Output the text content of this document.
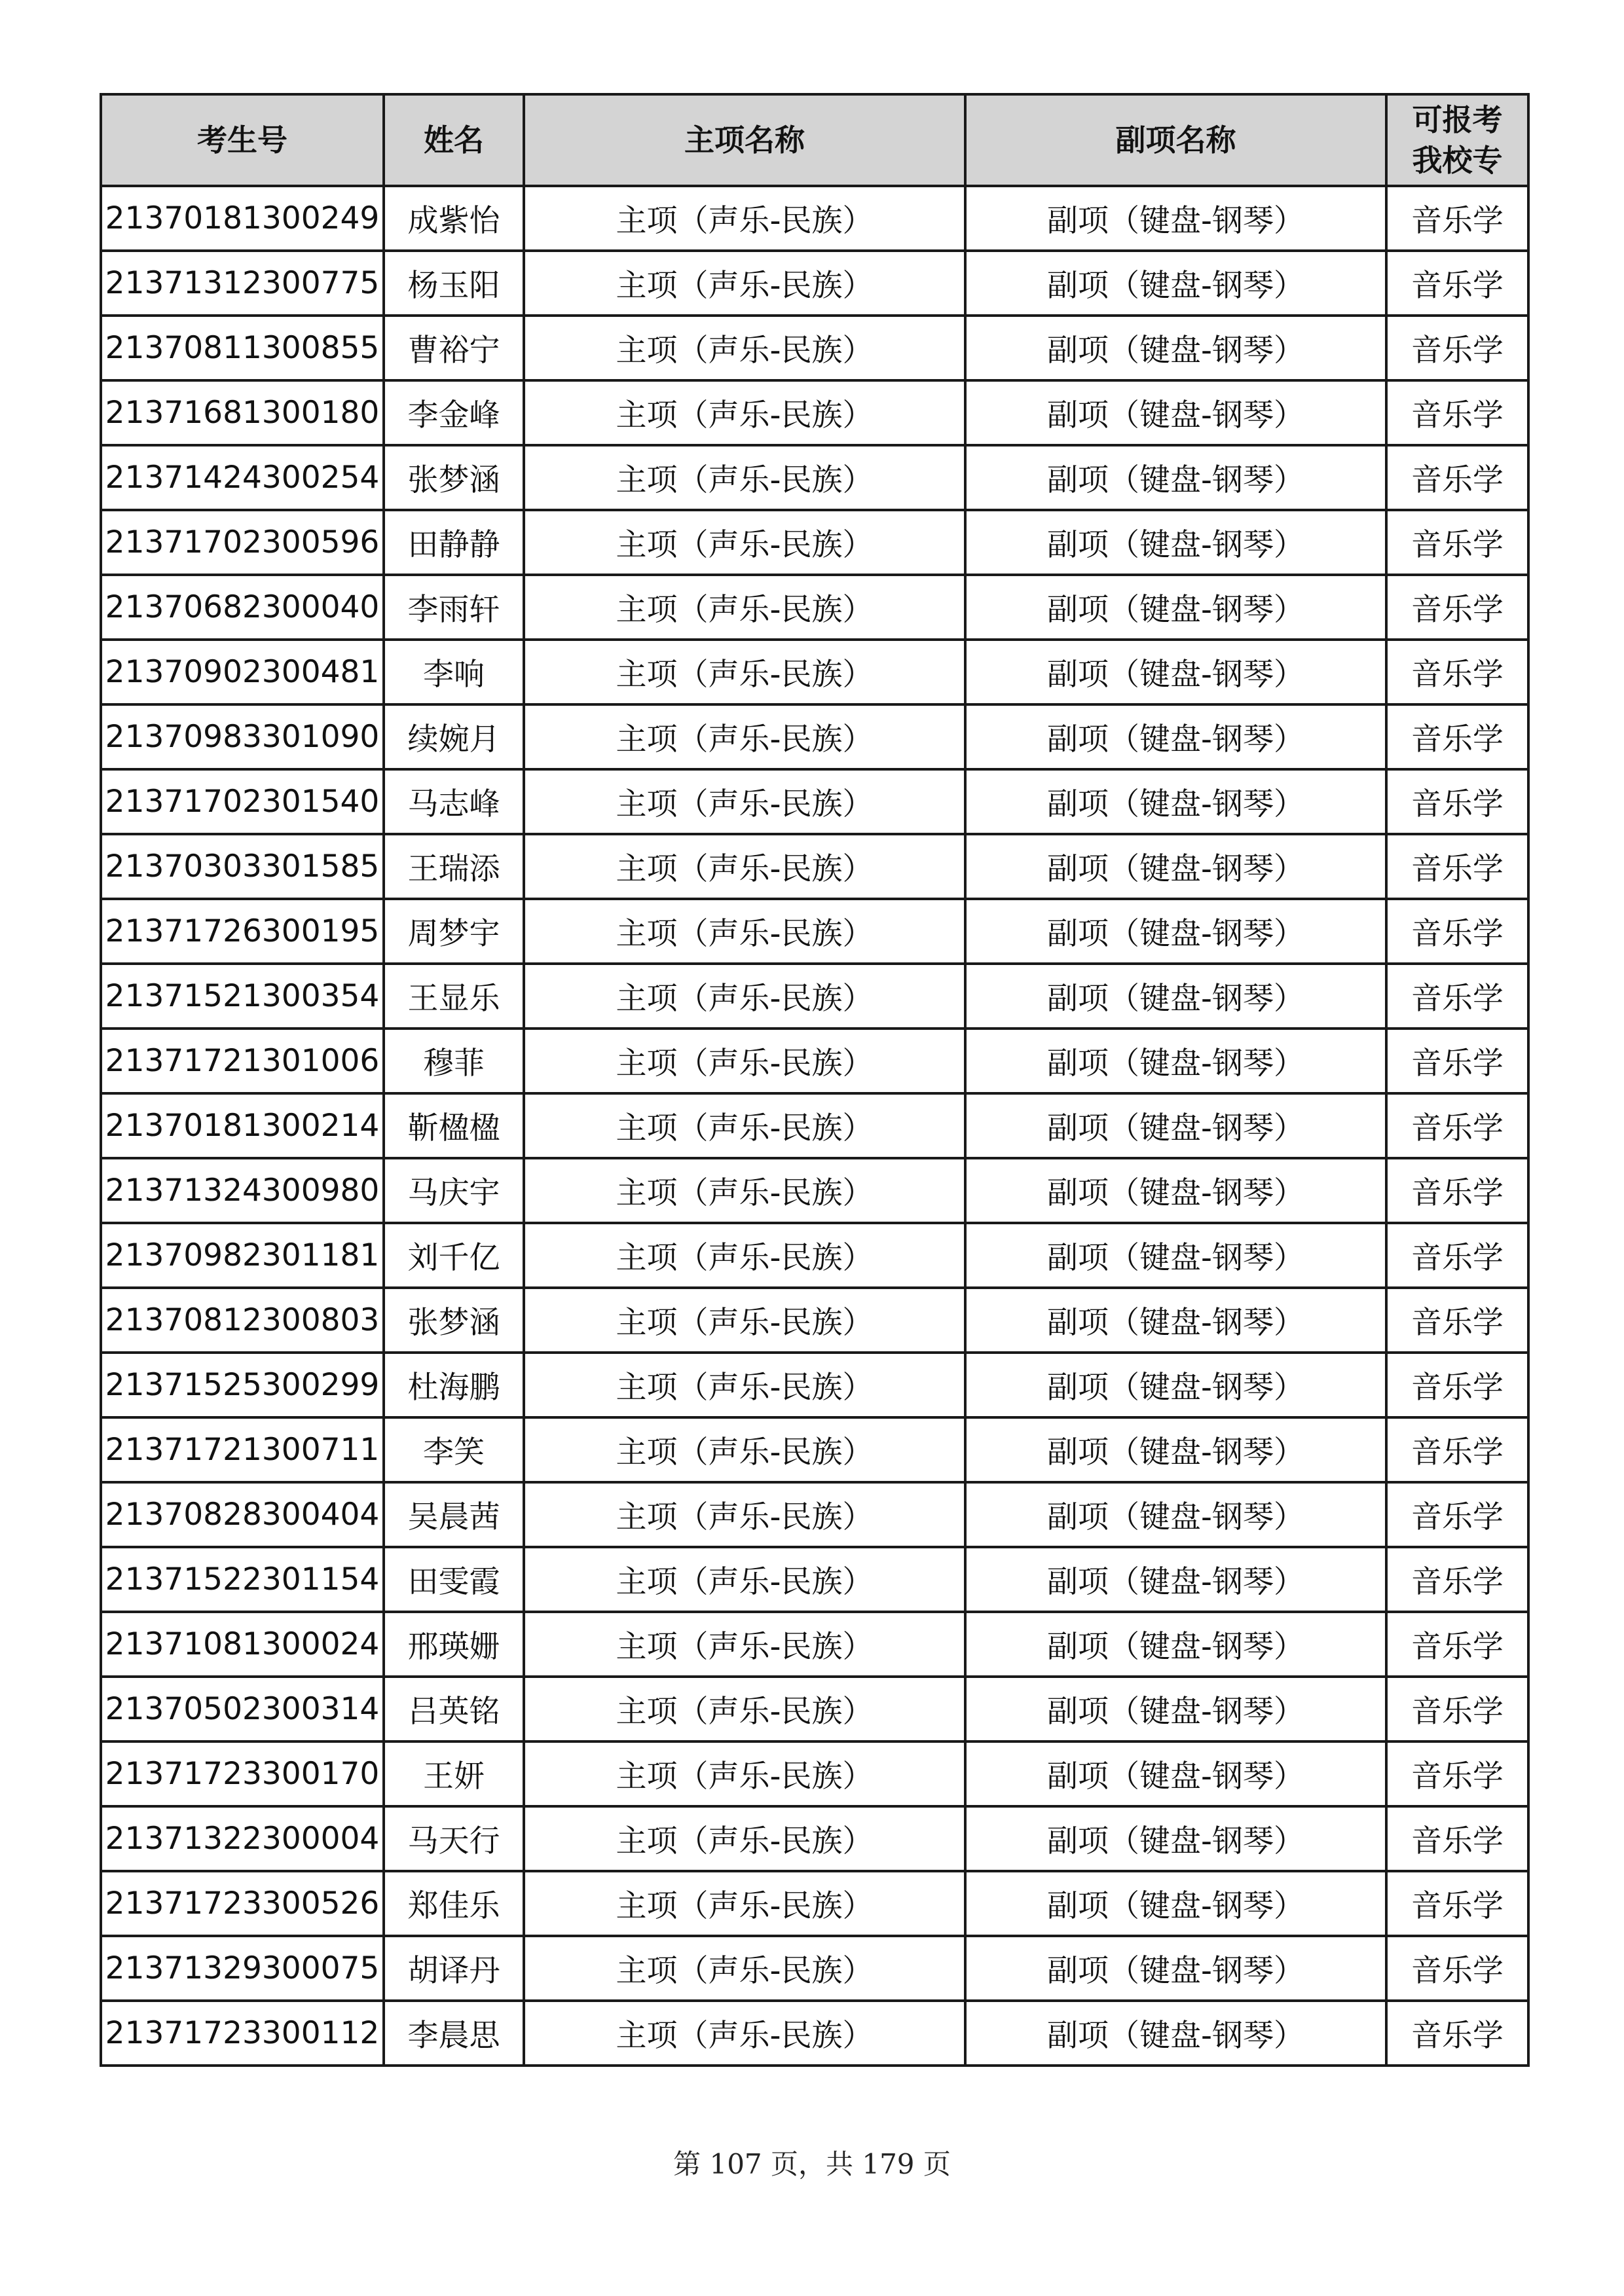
考生号	姓名	主项名称	副项名称	可报考
我校专

21370181300249	成紫怡	主项（声乐-民族）	副项（键盘-钢琴）	音乐学
21371312300775	杨玉阳	主项（声乐-民族）	副项（键盘-钢琴）	音乐学
21370811300855	曹裕宁	主项（声乐-民族）	副项（键盘-钢琴）	音乐学
21371681300180	李金峰	主项（声乐-民族）	副项（键盘-钢琴）	音乐学
21371424300254	张梦涵	主项（声乐-民族）	副项（键盘-钢琴）	音乐学
21371702300596	田静静	主项（声乐-民族）	副项（键盘-钢琴）	音乐学
21370682300040	李雨轩	主项（声乐-民族）	副项（键盘-钢琴）	音乐学
21370902300481	李响	主项（声乐-民族）	副项（键盘-钢琴）	音乐学
21370983301090	续婉月	主项（声乐-民族）	副项（键盘-钢琴）	音乐学
21371702301540	马志峰	主项（声乐-民族）	副项（键盘-钢琴）	音乐学
21370303301585	王瑞添	主项（声乐-民族）	副项（键盘-钢琴）	音乐学
21371726300195	周梦宇	主项（声乐-民族）	副项（键盘-钢琴）	音乐学
21371521300354	王显乐	主项（声乐-民族）	副项（键盘-钢琴）	音乐学
21371721301006	穆菲	主项（声乐-民族）	副项（键盘-钢琴）	音乐学
21370181300214	靳楹楹	主项（声乐-民族）	副项（键盘-钢琴）	音乐学
21371324300980	马庆宇	主项（声乐-民族）	副项（键盘-钢琴）	音乐学
21370982301181	刘千亿	主项（声乐-民族）	副项（键盘-钢琴）	音乐学
21370812300803	张梦涵	主项（声乐-民族）	副项（键盘-钢琴）	音乐学
21371525300299	杜海鹏	主项（声乐-民族）	副项（键盘-钢琴）	音乐学
21371721300711	李笑	主项（声乐-民族）	副项（键盘-钢琴）	音乐学
21370828300404	吴晨茜	主项（声乐-民族）	副项（键盘-钢琴）	音乐学
21371522301154	田雯霞	主项（声乐-民族）	副项（键盘-钢琴）	音乐学
21371081300024	邢瑛姗	主项（声乐-民族）	副项（键盘-钢琴）	音乐学
21370502300314	吕英铭	主项（声乐-民族）	副项（键盘-钢琴）	音乐学
21371723300170	王妍	主项（声乐-民族）	副项（键盘-钢琴）	音乐学
21371322300004	马天行	主项（声乐-民族）	副项（键盘-钢琴）	音乐学
21371723300526	郑佳乐	主项（声乐-民族）	副项（键盘-钢琴）	音乐学
21371329300075	胡译丹	主项（声乐-民族）	副项（键盘-钢琴）	音乐学
21371723300112	李晨思	主项（声乐-民族）	副项（键盘-钢琴）	音乐学
第 107 页，共 179 页
